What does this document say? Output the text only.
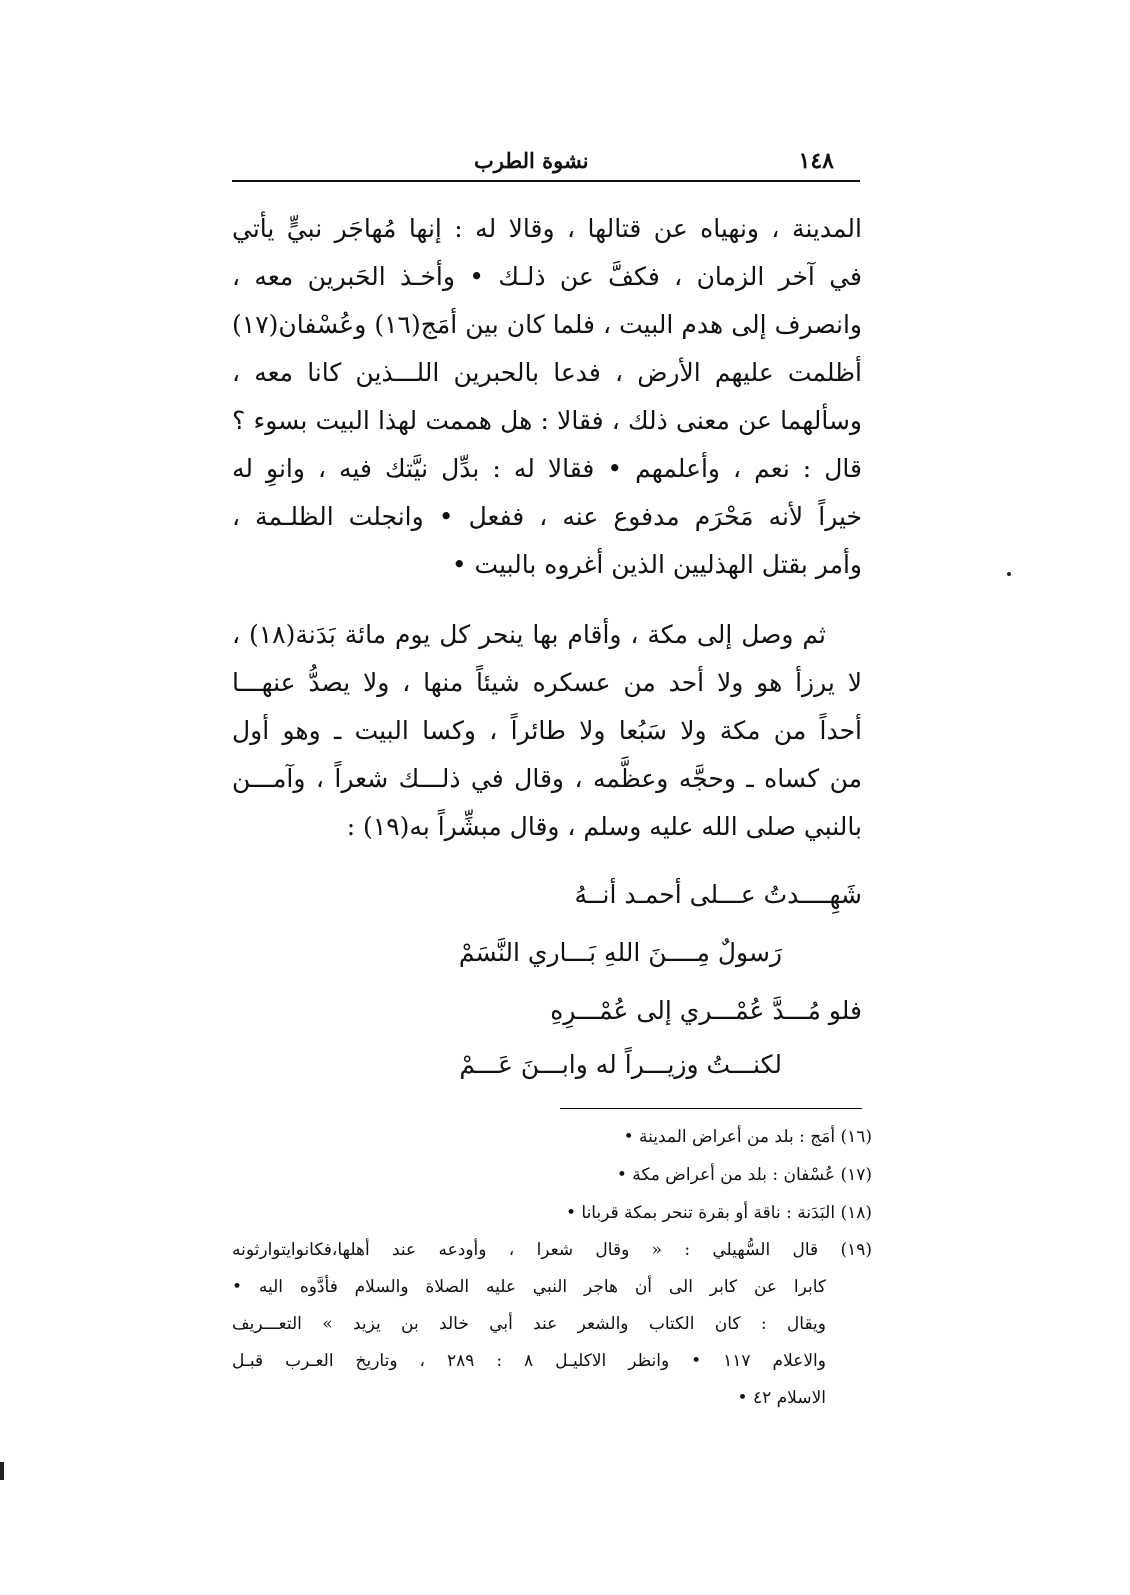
نشوة الطرب	١٤٨
المدينة ، ونهياه عن قتالها ، وقالا له : إنها مُهاجَر نبيٍّ يأتي
في آخر الزمان ، فكفَّ عن ذلـك • وأخـذ الحَبرين معه ،
وانصرف إلى هدم البيت ، فلما كان بين أمَج(١٦) وعُسْفان(١٧)
أظلمت عليهم الأرض ، فدعا بالحبرين اللـــذين كانا معه ،
وسألهما عن معنى ذلك ، فقالا : هل هممت لهذا البيت بسوء ؟
قال : نعم ، وأعلمهم • فقالا له : بدِّل نيَّتك فيه ، وانوِ له
خيراً لأنه مَحْرَم مدفوع عنه ، ففعل • وانجلت الظلـمة ،
وأمر بقتل الهذليين الذين أغروه بالبيت •
ثم وصل إلى مكة ، وأقام بها ينحر كل يوم مائة بَدَنة(١٨) ،
لا يرزأ هو ولا أحد من عسكره شيئاً منها ، ولا يصدُّ عنهـــا
أحداً من مكة ولا سَبُعا ولا طائراً ، وكسا البيت ـ وهو أول
من كساه ـ وحجَّه وعظَّمه ، وقال في ذلـــك شعراً ، وآمـــن
بالنبي صلى الله عليه وسلم ، وقال مبشِّراً به(١٩) :
شَهِــــدتُ عـــلى أحمـد أنــهُ
رَسولٌ مِــــنَ اللهِ بَـــاري النَّسَمْ
فلو مُـــدَّ عُمْـــري إلى عُمْـــرِهِ
لكنـــتُ وزيـــراً له وابـــنَ عَـــمْ
(١٦) أمَج : بلد من أعراض المدينة •
(١٧) عُسْفان : بلد من أعراض مكة •
(١٨) البَدَنة : ناقة أو بقرة تنحر بمكة قربانا •
(١٩) قال السُّهيلي : « وقال شعرا ، وأودعه عند أهلها،فكانوايتوارثونه
كابرا عن كابر الى أن هاجر النبي عليه الصلاة والسلام فأدَّوه اليه •
ويقال : كان الكتاب والشعر عند أبي خالد بن يزيد » التعـــريف
والاعلام ١١٧ • وانظر الاكليـل ٨ : ٢٨٩ ، وتاريخ العـرب قبـل
الاسلام ٤٢ •
